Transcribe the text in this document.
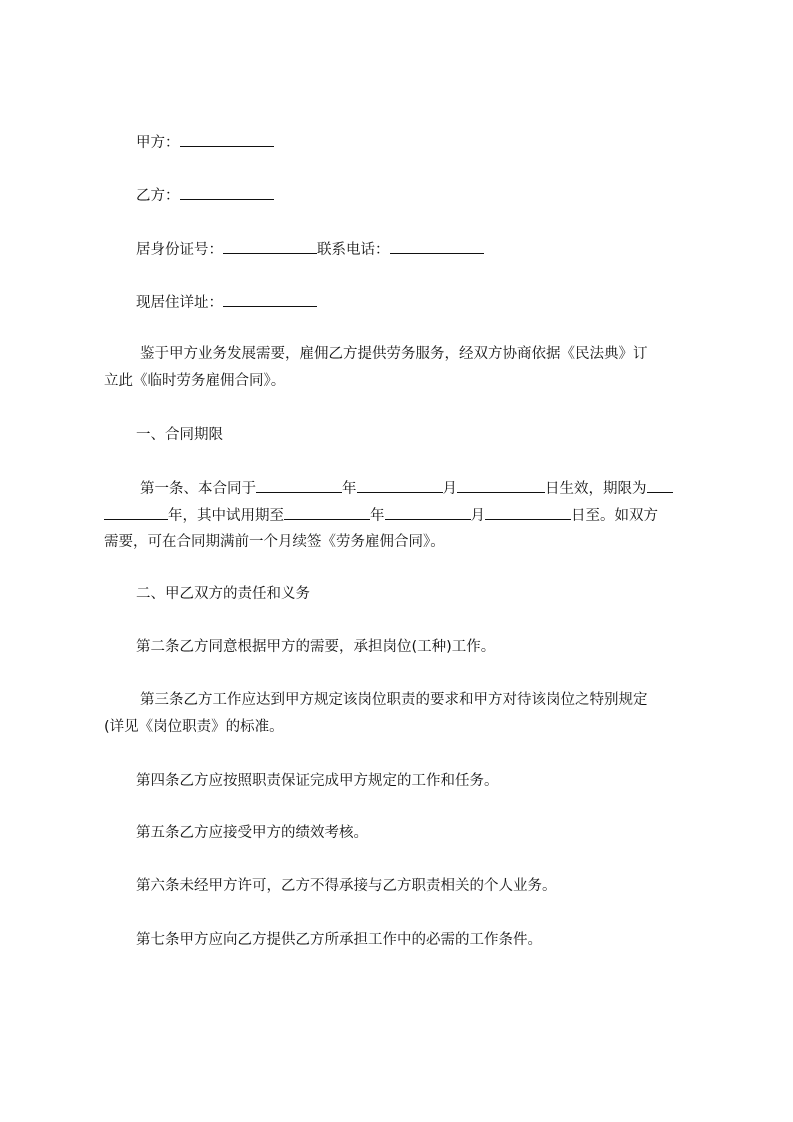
甲方：
乙方：
居身份证号：	联系电话：
现居住详址：
鉴于甲方业务发展需要，雇佣乙方提供劳务服务，经双方协商依据《民法典》订
立此《临时劳务雇佣合同》。
一、合同期限
第一条、本合同于	年	月	日生效，期限为
年，其中试用期至	年	月	日至。如双方
需要，可在合同期满前一个月续签《劳务雇佣合同》。
二、甲乙双方的责任和义务
第二条乙方同意根据甲方的需要，承担岗位(工种)工作。
第三条乙方工作应达到甲方规定该岗位职责的要求和甲方对待该岗位之特别规定
(详见《岗位职责》的标准。
第四条乙方应按照职责保证完成甲方规定的工作和任务。
第五条乙方应接受甲方的绩效考核。
第六条未经甲方许可，乙方不得承接与乙方职责相关的个人业务。
第七条甲方应向乙方提供乙方所承担工作中的必需的工作条件。
